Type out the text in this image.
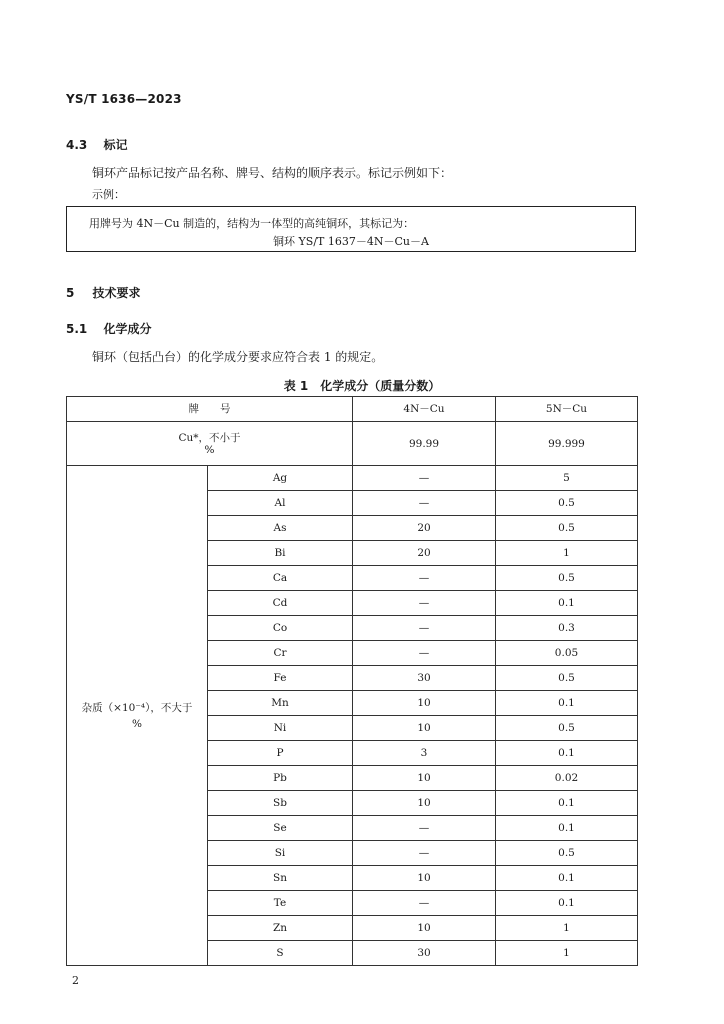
YS/T 1636—2023
4.3 标记
铜环产品标记按产品名称、牌号、结构的顺序表示。标记示例如下：
示例：
用牌号为 4N－Cu 制造的，结构为一体型的高纯铜环，其标记为：
铜环 YS/T 1637－4N－Cu－A
5 技术要求
5.1 化学成分
铜环（包括凸台）的化学成分要求应符合表 1 的规定。
表 1　化学成分（质量分数）
牌　　号		4N－Cu	5N－Cu

Cu*，不小于
%		99.99	99.999

杂质（×10⁻⁴），不大于
%	Ag	—	5
	Al	—	0.5
	As	20	0.5
	Bi	20	1
	Ca	—	0.5
	Cd	—	0.1
	Co	—	0.3
	Cr	—	0.05
	Fe	30	0.5
	Mn	10	0.1
	Ni	10	0.5
	P	3	0.1
	Pb	10	0.02
	Sb	10	0.1
	Se	—	0.1
	Si	—	0.5
	Sn	10	0.1
	Te	—	0.1
	Zn	10	1
	S	30	1
2
